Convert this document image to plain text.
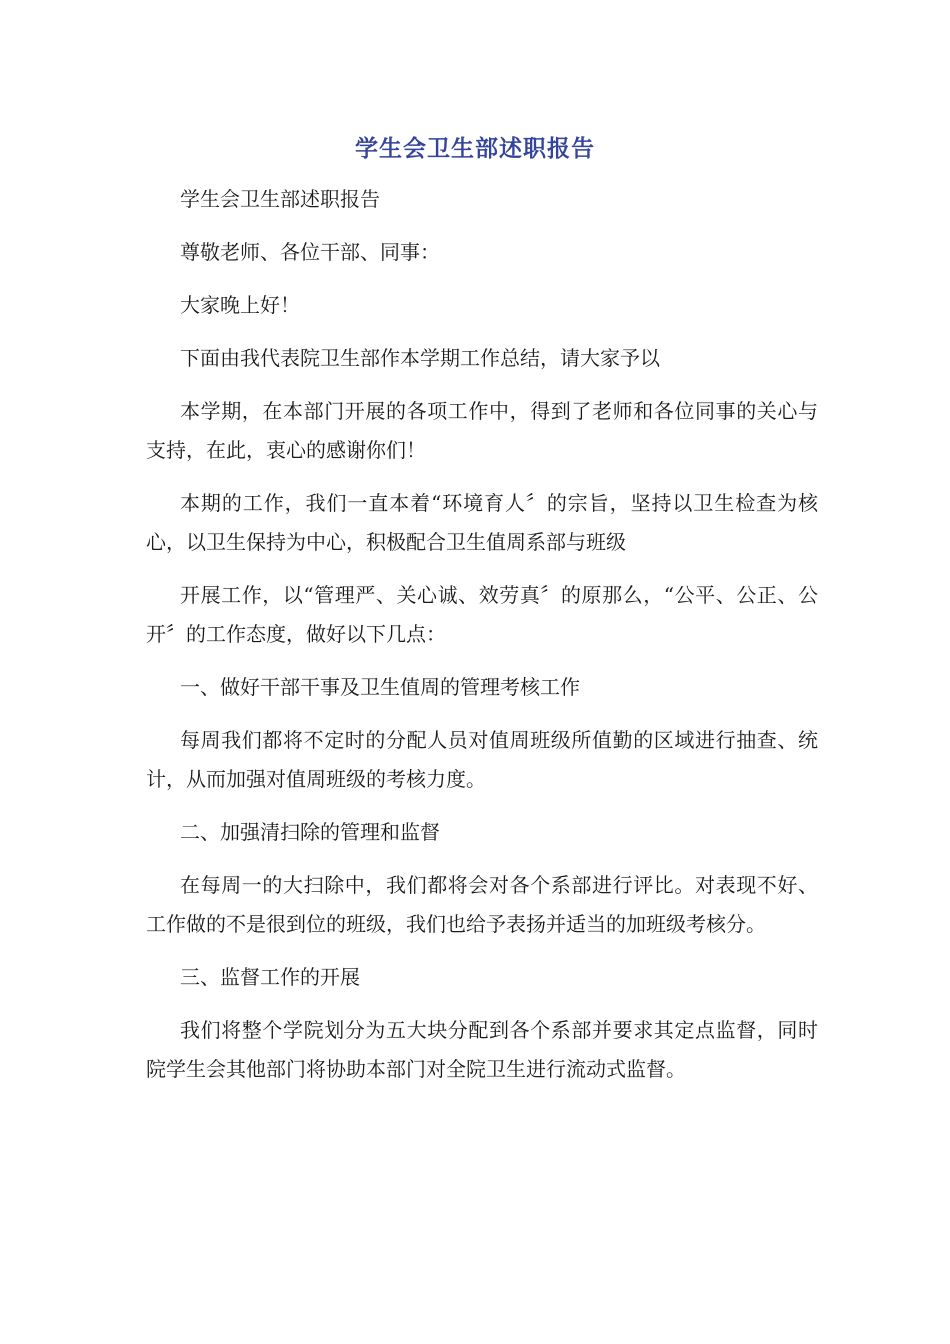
学生会卫生部述职报告

学生会卫生部述职报告

尊敬老师、各位干部、同事：

大家晚上好！

下面由我代表院卫生部作本学期工作总结，请大家予以

本学期，在本部门开展的各项工作中，得到了老师和各位同事的关心与支持，在此，衷心的感谢你们！

本期的工作，我们一直本着“环境育人〞的宗旨，坚持以卫生检查为核心，以卫生保持为中心，积极配合卫生值周系部与班级

开展工作，以“管理严、关心诚、效劳真〞的原那么，“公平、公正、公开〞的工作态度，做好以下几点：

一、做好干部干事及卫生值周的管理考核工作

每周我们都将不定时的分配人员对值周班级所值勤的区域进行抽查、统计，从而加强对值周班级的考核力度。

二、加强清扫除的管理和监督

在每周一的大扫除中，我们都将会对各个系部进行评比。对表现不好、工作做的不是很到位的班级，我们也给予表扬并适当的加班级考核分。

三、监督工作的开展

我们将整个学院划分为五大块分配到各个系部并要求其定点监督，同时院学生会其他部门将协助本部门对全院卫生进行流动式监督。
